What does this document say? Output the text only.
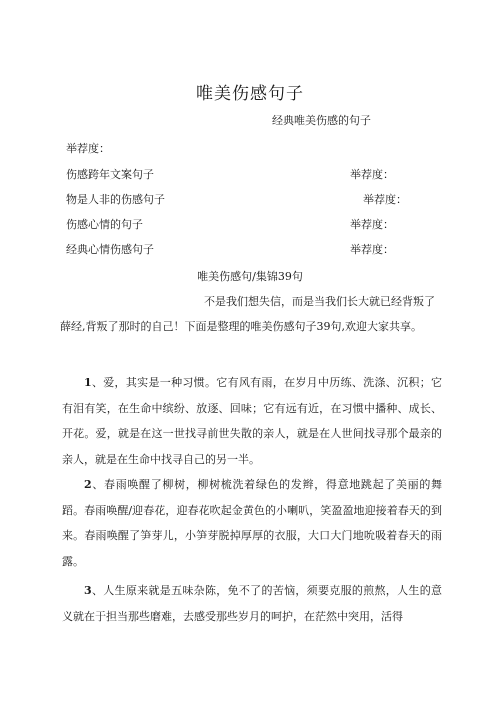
唯美伤感句子
经典唯美伤感的句子
举荐度：
伤感跨年文案句子	举荐度：
物是人非的伤感句子	举荐度：
伤感心情的句子	举荐度：
经典心情伤感句子	举荐度：
唯美伤感句/集锦39句
不是我们想失信，而是当我们长大就已经背叛了
薛经,背叛了那时的自己！下面是整理的唯美伤感句子39句,欢迎大家共享。
1、爱，其实是一种习惯。它有风有雨，在岁月中历练、洗涤、沉积；它有泪有笑，在生命中缤纷、放逐、回味；它有远有近，在习惯中播种、成长、开花。爱，就是在这一世找寻前世失散的亲人，就是在人世间找寻那个最亲的亲人，就是在生命中找寻自己的另一半。
2、春雨唤醒了柳树，柳树梳洗着绿色的发辫，得意地跳起了美丽的舞蹈。春雨唤醒/迎春花，迎春花吹起金黄色的小喇叭，笑盈盈地迎接着春天的到来。春雨唤醒了笋芽儿，小笋芽脱掉厚厚的衣服，大口大门地吮吸着春天的雨露。
3、人生原来就是五味杂陈，免不了的苦恼，须要克服的煎熬，人生的意义就在于担当那些磨难，去感受那些岁月的呵护，在茫然中突用，活得
